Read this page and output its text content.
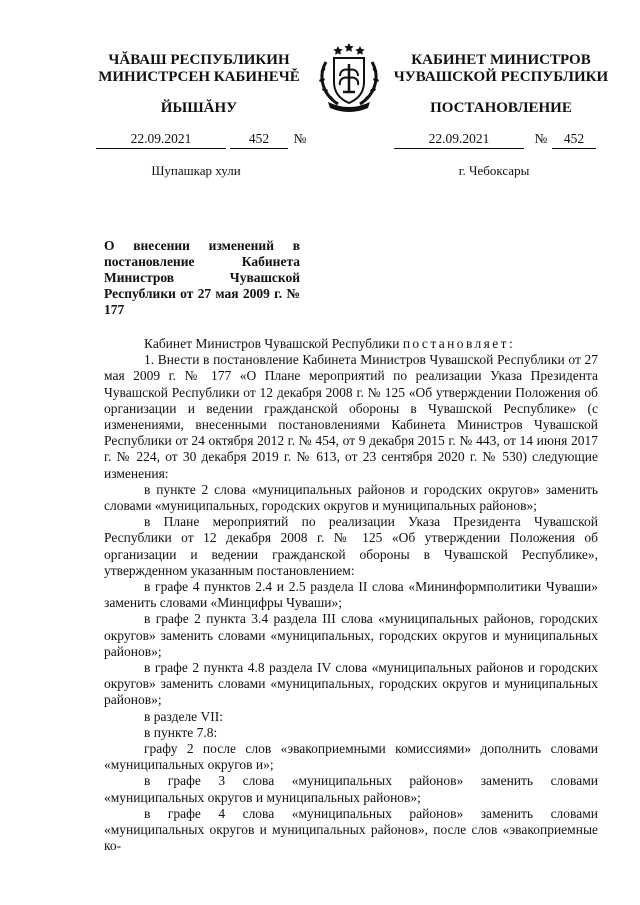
ЧĂВАШ РЕСПУБЛИКИН
МИНИСТРСЕН КАБИНЕЧĚ
ЙЫШĂНУ
КАБИНЕТ МИНИСТРОВ
ЧУВАШСКОЙ РЕСПУБЛИКИ
ПОСТАНОВЛЕНИЕ
22.09.2021	452	№	22.09.2021	№	452
Шупашкар хули	г. Чебоксары
О внесении изменений в постановление Кабинета Министров Чувашской Республики от 27 мая 2009 г. № 177

Кабинет Министров Чувашской Республики постановляет:

1. Внести в постановление Кабинета Министров Чувашской Республики от 27 мая 2009 г. № 177 «О Плане мероприятий по реализации Указа Президента Чувашской Республики от 12 декабря 2008 г. № 125 «Об утверждении Положения об организации и ведении гражданской обороны в Чувашской Республике» (с изменениями, внесенными постановлениями Кабинета Министров Чувашской Республики от 24 октября 2012 г. № 454, от 9 декабря 2015 г. № 443, от 14 июня 2017 г. № 224, от 30 декабря 2019 г. № 613, от 23 сентября 2020 г. № 530) следующие изменения:

в пункте 2 слова «муниципальных районов и городских округов» заменить словами «муниципальных, городских округов и муниципальных районов»;

в Плане мероприятий по реализации Указа Президента Чувашской Республики от 12 декабря 2008 г. № 125 «Об утверждении Положения об организации и ведении гражданской обороны в Чувашской Республике», утвержденном указанным постановлением:

в графе 4 пунктов 2.4 и 2.5 раздела II слова «Мининформполитики Чуваши» заменить словами «Минцифры Чуваши»;

в графе 2 пункта 3.4 раздела III слова «муниципальных районов, городских округов» заменить словами «муниципальных, городских округов и муниципальных районов»;

в графе 2 пункта 4.8 раздела IV слова «муниципальных районов и городских округов» заменить словами «муниципальных, городских округов и муниципальных районов»;

в разделе VII:

в пункте 7.8:

графу 2 после слов «эвакоприемными комиссиями» дополнить словами «муниципальных округов и»;

в графе 3 слова «муниципальных районов» заменить словами «муниципальных округов и муниципальных районов»;

в графе 4 слова «муниципальных районов» заменить словами «муниципальных округов и муниципальных районов», после слов «эвакоприемные ко-
